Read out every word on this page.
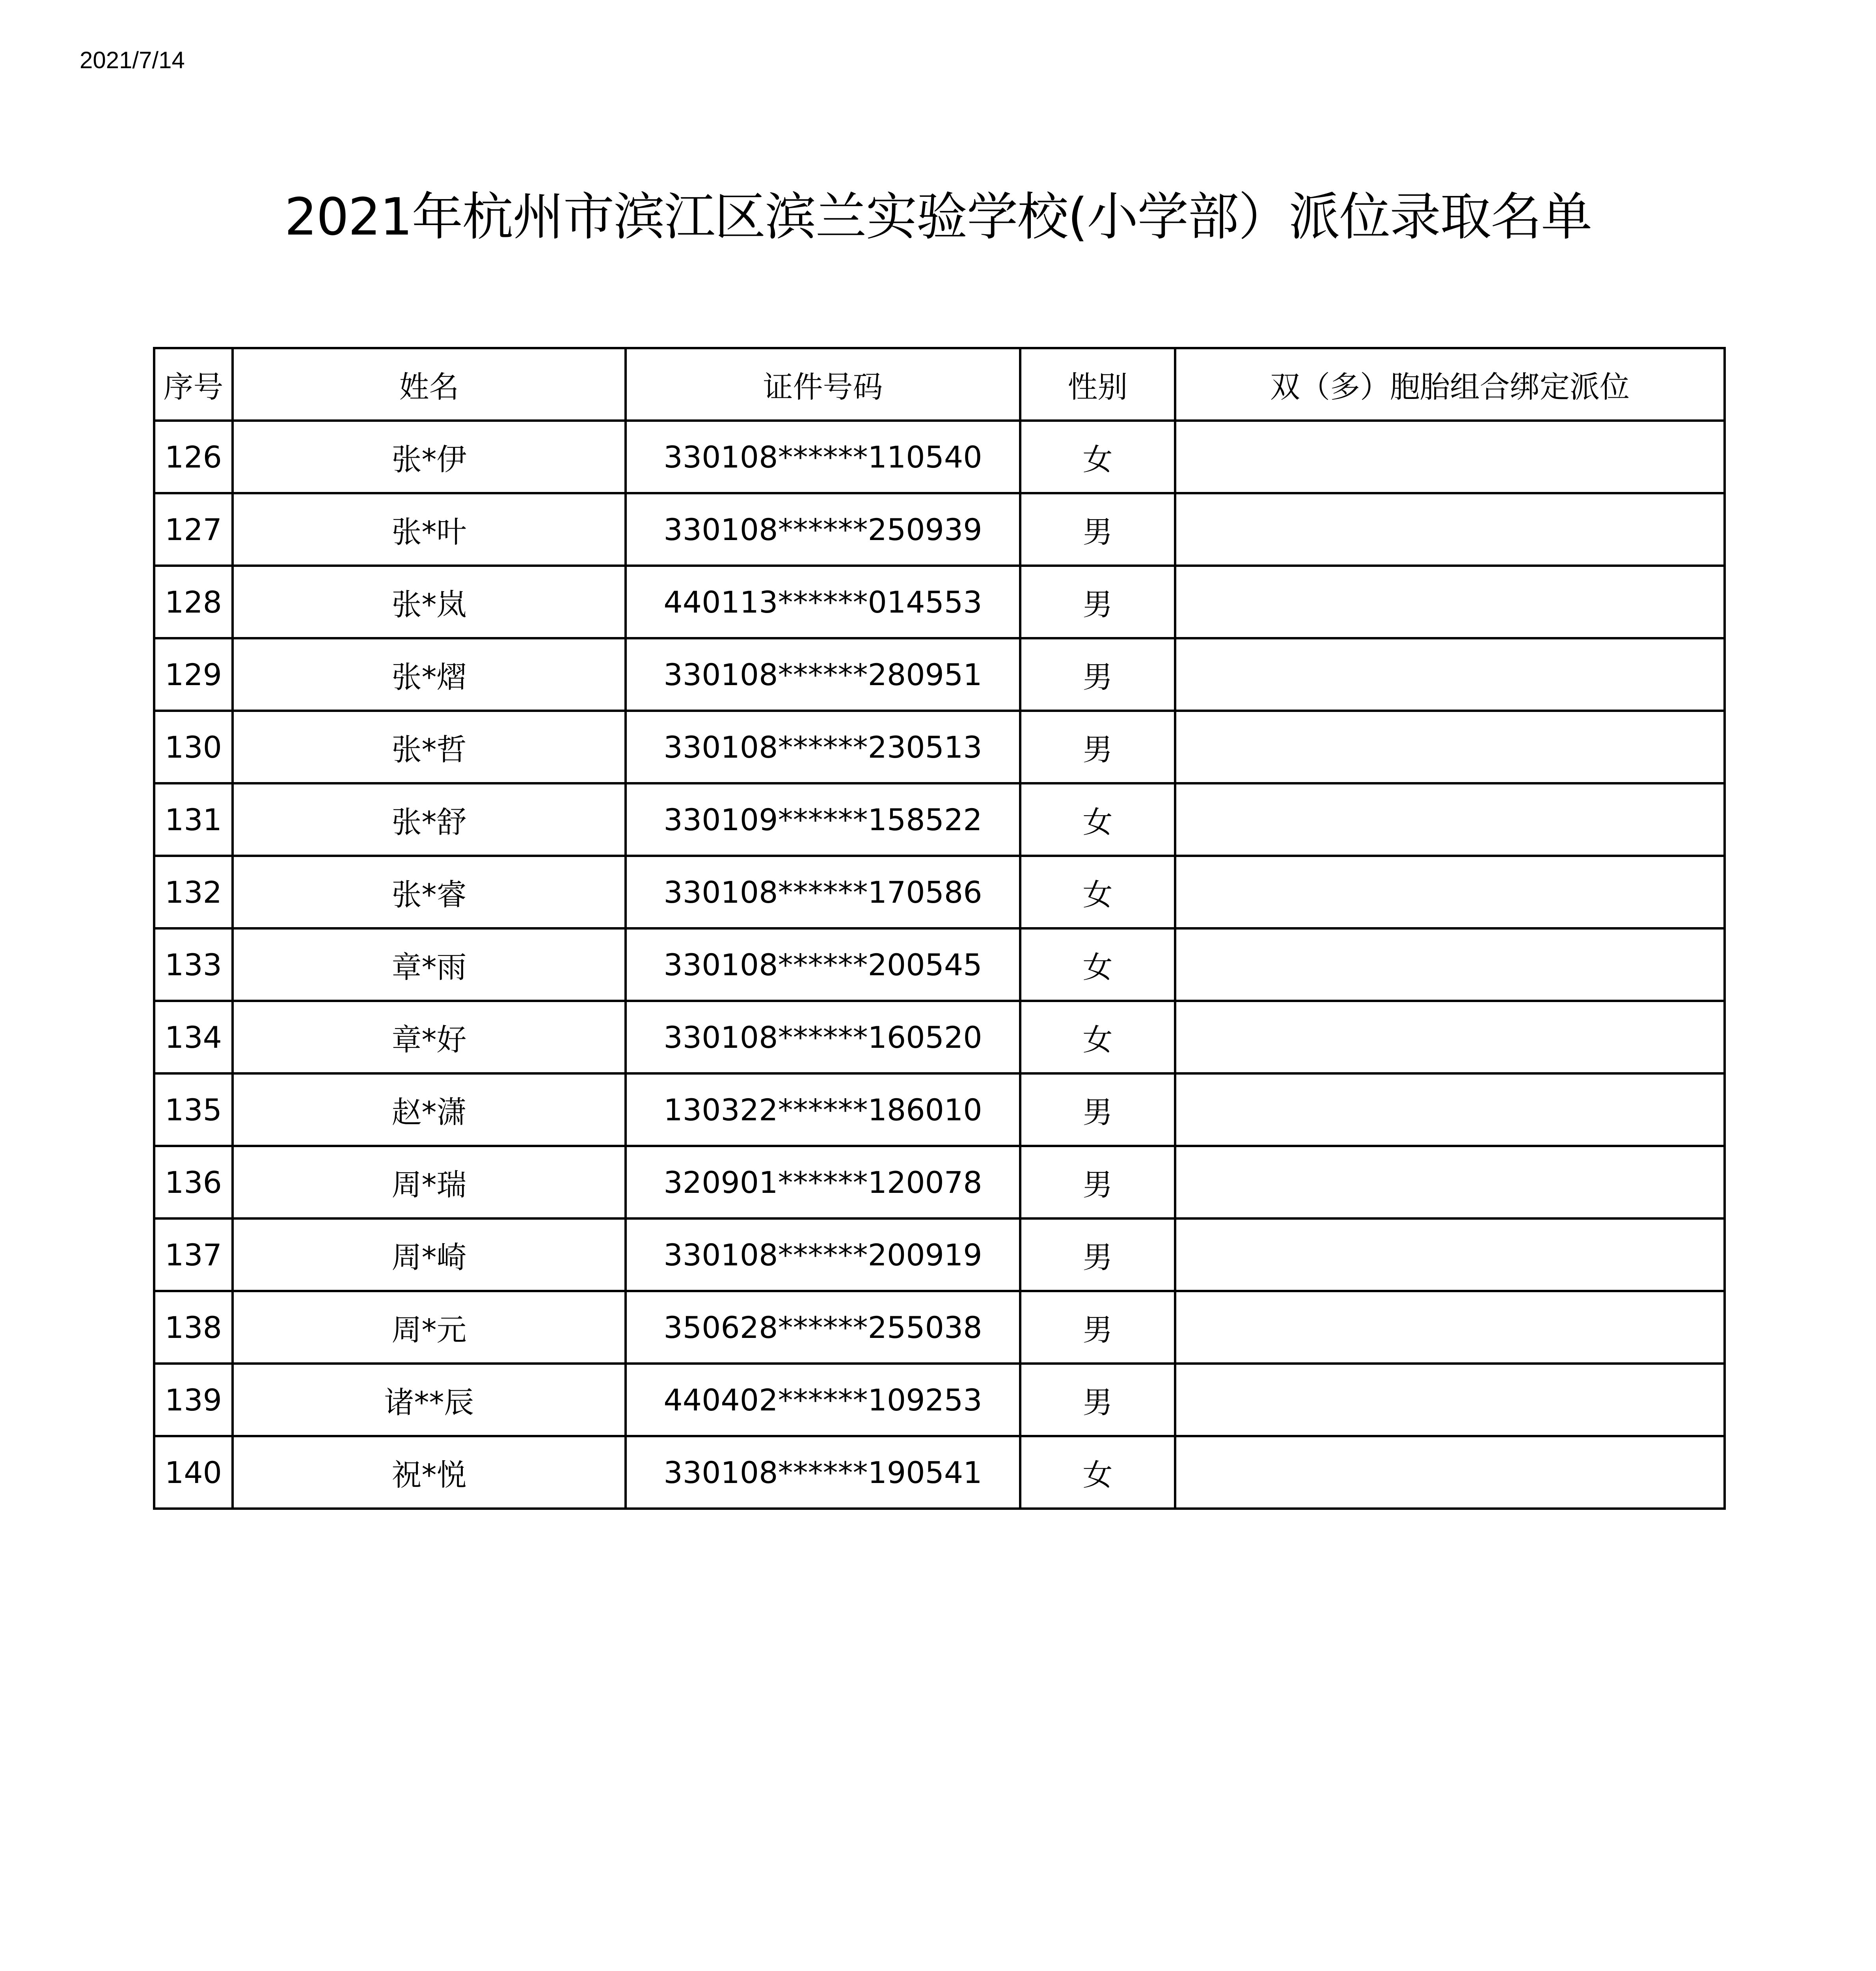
2021/7/14
2021年杭州市滨江区滨兰实验学校(小学部）派位录取名单
序号	姓名	证件号码	性别	双（多）胞胎组合绑定派位
126	张*伊	330108******110540	女	
127	张*叶	330108******250939	男	
128	张*岚	440113******014553	男	
129	张*熠	330108******280951	男	
130	张*哲	330108******230513	男	
131	张*舒	330109******158522	女	
132	张*睿	330108******170586	女	
133	章*雨	330108******200545	女	
134	章*好	330108******160520	女	
135	赵*潇	130322******186010	男	
136	周*瑞	320901******120078	男	
137	周*崎	330108******200919	男	
138	周*元	350628******255038	男	
139	诸**辰	440402******109253	男	
140	祝*悦	330108******190541	女	
